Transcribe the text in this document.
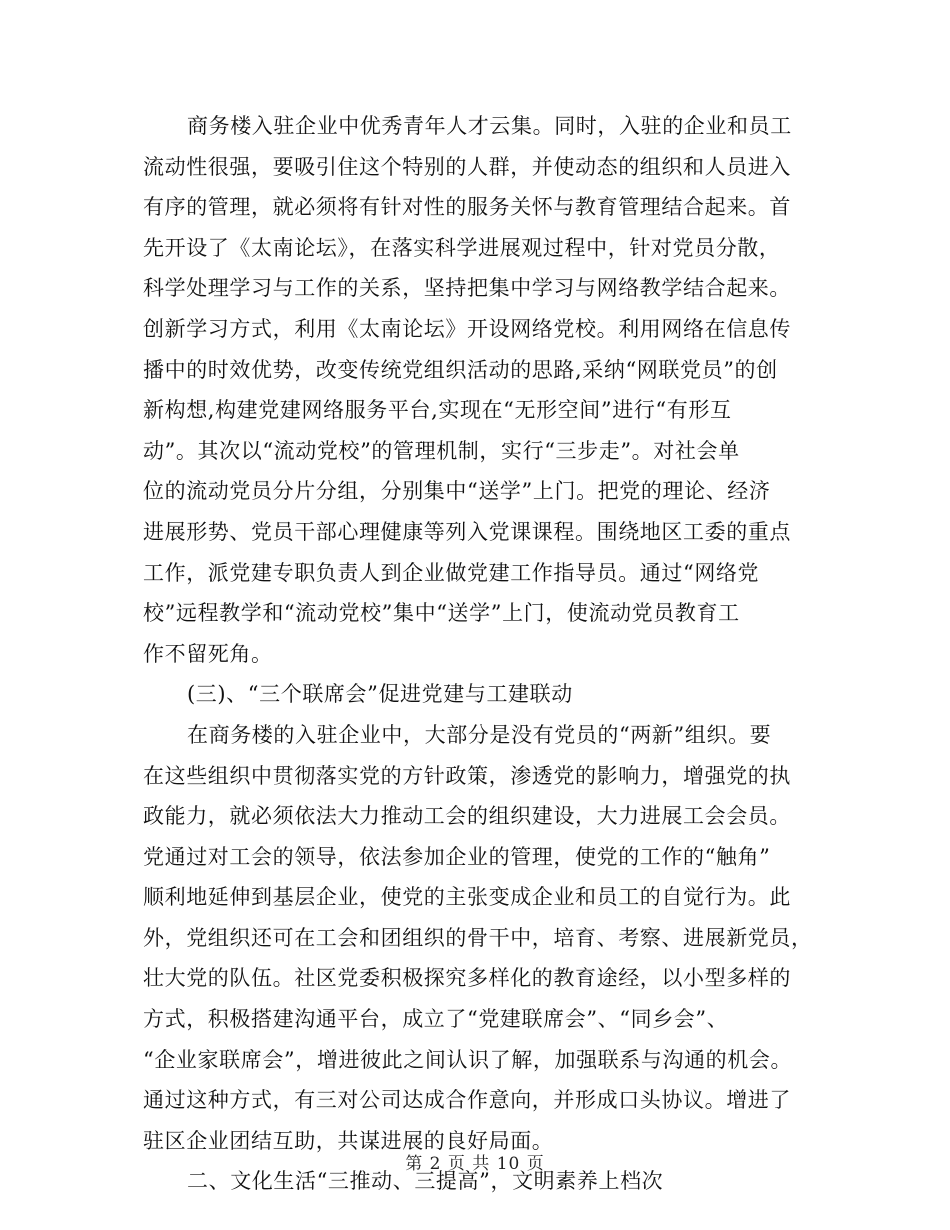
商务楼入驻企业中优秀青年人才云集。同时，入驻的企业和员工
流动性很强，要吸引住这个特别的人群，并使动态的组织和人员进入
有序的管理，就必须将有针对性的服务关怀与教育管理结合起来。首
先开设了《太南论坛》，在落实科学进展观过程中，针对党员分散，
科学处理学习与工作的关系，坚持把集中学习与网络教学结合起来。
创新学习方式，利用《太南论坛》开设网络党校。利用网络在信息传
播中的时效优势，改变传统党组织活动的思路,采纳“网联党员”的创
新构想,构建党建网络服务平台,实现在“无形空间”进行“有形互
动”。其次以“流动党校”的管理机制，实行“三步走”。对社会单
位的流动党员分片分组，分别集中“送学”上门。把党的理论、经济
进展形势、党员干部心理健康等列入党课课程。围绕地区工委的重点
工作，派党建专职负责人到企业做党建工作指导员。通过“网络党
校”远程教学和“流动党校”集中“送学”上门，使流动党员教育工
作不留死角。
(三)、“三个联席会”促进党建与工建联动
在商务楼的入驻企业中，大部分是没有党员的“两新”组织。要
在这些组织中贯彻落实党的方针政策，渗透党的影响力，增强党的执
政能力，就必须依法大力推动工会的组织建设，大力进展工会会员。
党通过对工会的领导，依法参加企业的管理，使党的工作的“触角”
顺利地延伸到基层企业，使党的主张变成企业和员工的自觉行为。此
外，党组织还可在工会和团组织的骨干中，培育、考察、进展新党员，
壮大党的队伍。社区党委积极探究多样化的教育途经，以小型多样的
方式，积极搭建沟通平台，成立了“党建联席会”、“同乡会”、
“企业家联席会”，增进彼此之间认识了解，加强联系与沟通的机会。
通过这种方式，有三对公司达成合作意向，并形成口头协议。增进了
驻区企业团结互助，共谋进展的良好局面。
二、文化生活“三推动、三提高”，文明素养上档次
第 2 页 共 10 页
